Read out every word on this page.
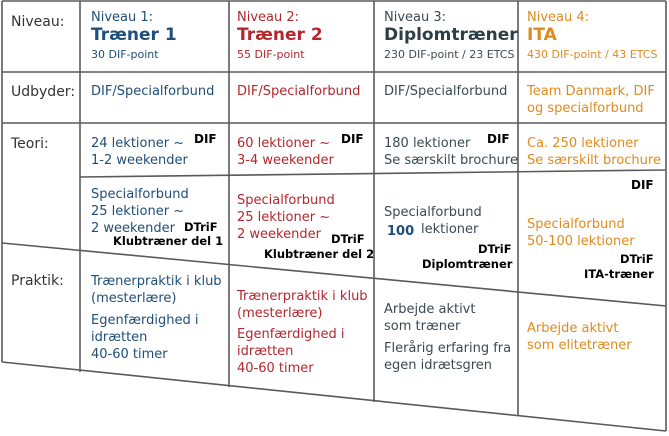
Niveau:
Udbyder:
Teori:
Praktik:
Niveau 1:
Træner 1
30 DIF-point
DIF/Specialforbund
24 lektioner ~
1-2 weekender
DIF
Specialforbund
25 lektioner ~
2 weekender DTriF
Klubtræner del 1
Trænerpraktik i klub
(mesterlære)
Egenfærdighed i
idrætten
40-60 timer
Niveau 2:
Træner 2
55 DIF-point
DIF/Specialforbund
60 lektioner ~
3-4 weekender
DIF
Specialforbund
25 lektioner ~
2 weekender DTriF
Klubtræner del 2
Trænerpraktik i klub
(mesterlære)
Egenfærdighed i
idrætten
40-60 timer
Niveau 3:
Diplomtræner
230 DIF-point / 23 ETCS
DIF/Specialforbund
180 lektioner
Se særskilt brochure
DIF
Specialforbund
100 lektioner
DTriF
Diplomtræner
Arbejde aktivt
som træner
Flerårig erfaring fra
egen idrætsgren
Niveau 4:
ITA
430 DIF-point / 43 ETCS
Team Danmark, DIF
og specialforbund
Ca. 250 lektioner
Se særskilt brochure
DIF
Specialforbund
50-100 lektioner
DTriF
ITA-træner
Arbejde aktivt
som elitetræner
